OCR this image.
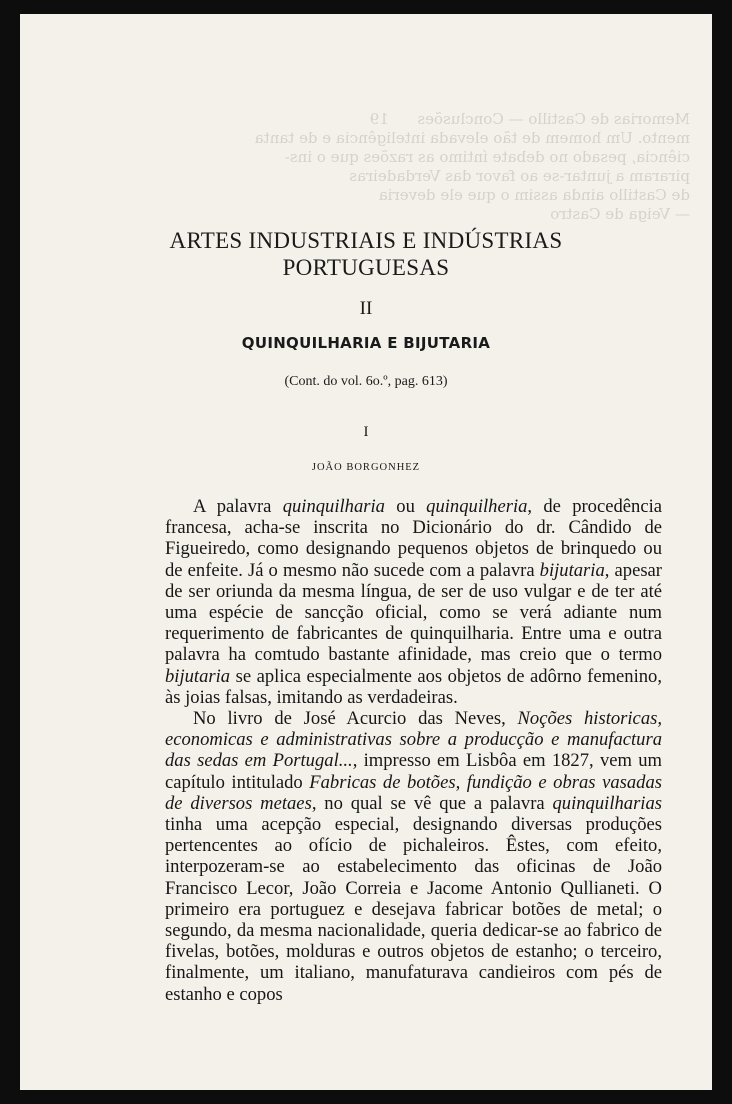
Memorias de Castillo — Conclusões      19
mento. Um homem de tão elevada inteligência e de tanta
ciência, pesado no debate íntimo as razões que o ins-
piraram a juntar-se ao favor das Verdadeiras
de Castillo ainda assim o que ele deveria
— Veiga de Castro
ARTES INDUSTRIAIS E INDÚSTRIAS
PORTUGUESAS
II
QUINQUILHARIA E BIJUTARIA
(Cont. do vol. 6o.º, pag. 613)
I
JOÃO BORGONHEZ

A palavra quinquilharia ou quinquilheria, de procedência francesa, acha-se inscrita no Dicionário do dr. Cândido de Figueiredo, como designando pequenos objetos de brinquedo ou de enfeite. Já o mesmo não sucede com a palavra bijutaria, apesar de ser oriunda da mesma língua, de ser de uso vulgar e de ter até uma espécie de sancção oficial, como se verá adiante num requerimento de fabricantes de quinquilharia. Entre uma e outra palavra ha comtudo bastante afinidade, mas creio que o termo bijutaria se aplica especialmente aos objetos de adôrno femenino, às joias falsas, imitando as verdadeiras.

No livro de José Acurcio das Neves, Noções historicas, economicas e administrativas sobre a producção e manufactura das sedas em Portugal..., impresso em Lisbôa em 1827, vem um capítulo intitulado Fabricas de botões, fundição e obras vasadas de diversos metaes, no qual se vê que a palavra quinquilharias tinha uma acepção especial, designando diversas produções pertencentes ao ofício de pichaleiros. Êstes, com efeito, interpozeram-se ao estabelecimento das oficinas de João Francisco Lecor, João Correia e Jacome Antonio Qullianeti. O primeiro era portuguez e desejava fabricar botões de metal; o segundo, da mesma nacionalidade, queria dedicar-se ao fabrico de fivelas, botões, molduras e outros objetos de estanho; o terceiro, finalmente, um italiano, manufaturava candieiros com pés de estanho e copos
